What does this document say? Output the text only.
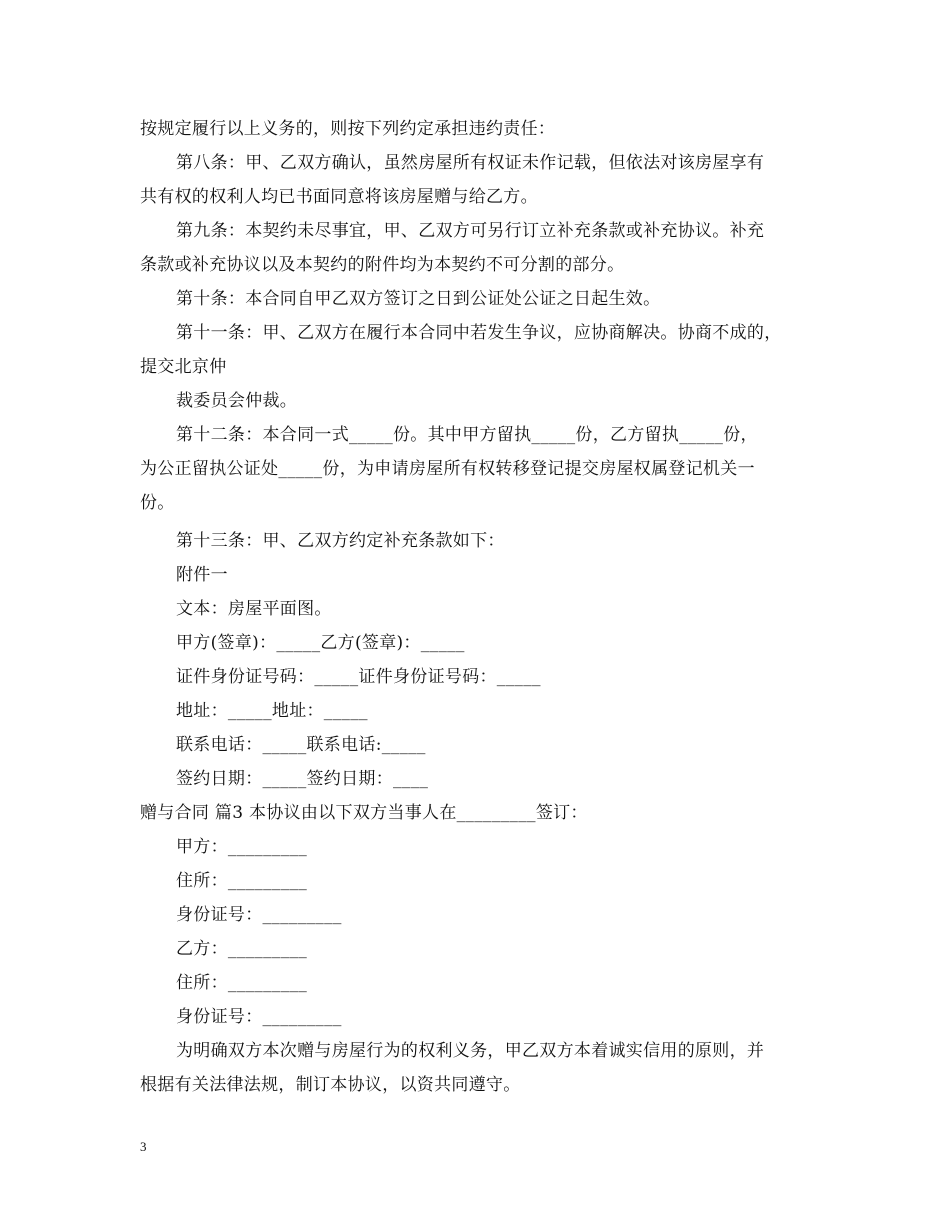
按规定履行以上义务的，则按下列约定承担违约责任：
第八条：甲、乙双方确认，虽然房屋所有权证未作记载，但依法对该房屋享有
共有权的权利人均已书面同意将该房屋赠与给乙方。
第九条：本契约未尽事宜，甲、乙双方可另行订立补充条款或补充协议。补充
条款或补充协议以及本契约的附件均为本契约不可分割的部分。
第十条：本合同自甲乙双方签订之日到公证处公证之日起生效。
第十一条：甲、乙双方在履行本合同中若发生争议，应协商解决。协商不成的，
提交北京仲
裁委员会仲裁。
第十二条：本合同一式_____份。其中甲方留执_____份，乙方留执_____份，
为公正留执公证处_____份，为申请房屋所有权转移登记提交房屋权属登记机关一
份。
第十三条：甲、乙双方约定补充条款如下：
附件一
文本：房屋平面图。
甲方(签章)：_____乙方(签章)：_____
证件身份证号码：_____证件身份证号码：_____
地址：_____地址：_____
联系电话：_____联系电话:_____
签约日期：_____签约日期：____
赠与合同 篇3 本协议由以下双方当事人在_________签订：
甲方：_________
住所：_________
身份证号：_________
乙方：_________
住所：_________
身份证号：_________
为明确双方本次赠与房屋行为的权利义务，甲乙双方本着诚实信用的原则，并
根据有关法律法规，制订本协议，以资共同遵守。
3
